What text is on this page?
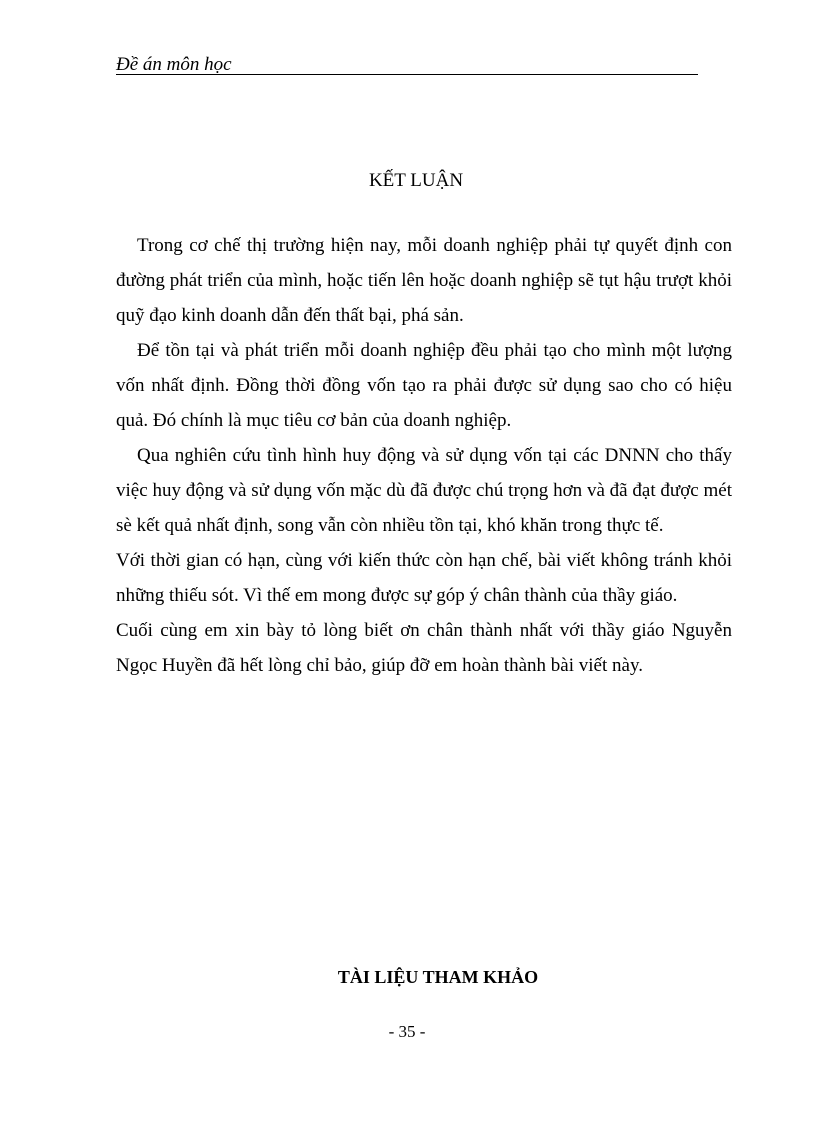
Đề án môn học
KẾT LUẬN

Trong cơ chế thị trường hiện nay, mỗi doanh nghiệp phải tự quyết định con đường phát triển của mình, hoặc tiến lên hoặc doanh nghiệp sẽ tụt hậu trượt khỏi quỹ đạo kinh doanh dẫn đến thất bại, phá sản.

Để tồn tại và phát triển mỗi doanh nghiệp đều phải tạo cho mình một lượng vốn nhất định. Đồng thời đồng vốn tạo ra phải được sử dụng sao cho có hiệu quả. Đó chính là mục tiêu cơ bản của doanh nghiệp.

Qua nghiên cứu tình hình huy động và sử dụng vốn tại các DNNN cho thấy việc huy động và sử dụng vốn mặc dù đã được chú trọng hơn và đã đạt được mét sè kết quả nhất định, song vẫn còn nhiều tồn tại, khó khăn trong thực tế.

Với thời gian có hạn, cùng với kiến thức còn hạn chế, bài viết không tránh khỏi những thiếu sót. Vì thế em mong được sự góp ý chân thành của thầy giáo.

Cuối cùng em xin bày tỏ lòng biết ơn chân thành nhất với thầy giáo Nguyễn Ngọc Huyền đã hết lòng chỉ bảo, giúp đỡ em hoàn thành bài viết này.

TÀI LIỆU THAM KHẢO
- 35 -
